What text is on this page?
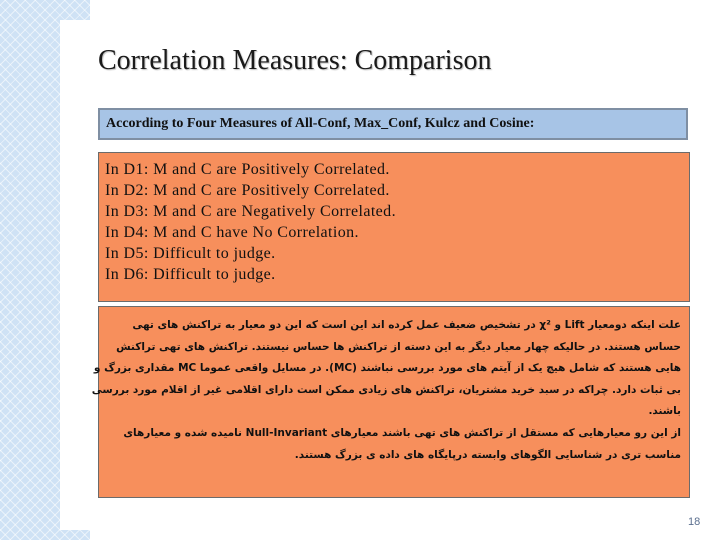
Correlation Measures: Comparison
According to Four Measures of All-Conf, Max_Conf, Kulcz and Cosine:
In D1: M and C are Positively Correlated.
In D2: M and C are Positively Correlated.
In D3: M and C are Negatively Correlated.
In D4: M and C have No Correlation.
In D5: Difficult to judge.
In D6: Difficult to judge.
علت اینکه دومعیار Lift و χ² در تشخیص ضعیف عمل کرده اند این است که این دو معیار به تراکنش های تهی
حساس هستند. در حالیکه چهار معیار دیگر به این دسته از تراکنش ها حساس نیستند. تراکنش های تهی تراکنش
هایی هستند که شامل هیچ یک از آیتم های مورد بررسی نباشند (MC). در مسایل واقعی عموما MC مقداری بزرگ و
بی ثبات دارد. چراکه در سبد خرید مشتریان، تراکنش های زیادی ممکن است دارای اقلامی غیر از اقلام مورد بررسی
باشند.
از این رو معیارهایی که مستقل از تراکنش های تهی باشند معیارهای Null-Invariant نامیده شده و معیارهای
مناسب تری در شناسایی الگوهای وابسته درپایگاه های داده ی بزرگ هستند.
18
